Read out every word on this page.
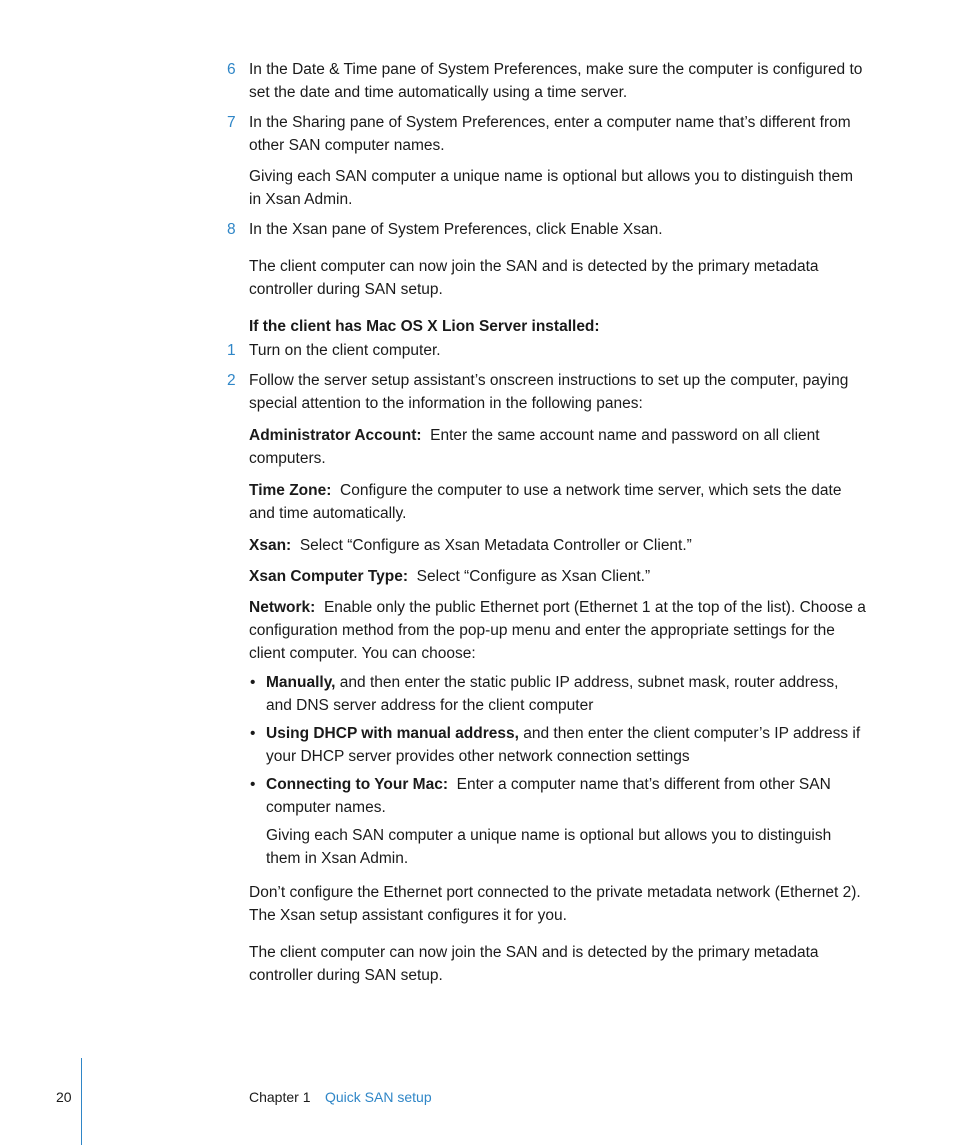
6 In the Date & Time pane of System Preferences, make sure the computer is configured to set the date and time automatically using a time server.
7 In the Sharing pane of System Preferences, enter a computer name that’s different from other SAN computer names.
Giving each SAN computer a unique name is optional but allows you to distinguish them in Xsan Admin.
8 In the Xsan pane of System Preferences, click Enable Xsan.
The client computer can now join the SAN and is detected by the primary metadata controller during SAN setup.
If the client has Mac OS X Lion Server installed:
1 Turn on the client computer.
2 Follow the server setup assistant’s onscreen instructions to set up the computer, paying special attention to the information in the following panes:
Administrator Account: Enter the same account name and password on all client computers.
Time Zone: Configure the computer to use a network time server, which sets the date and time automatically.
Xsan: Select “Configure as Xsan Metadata Controller or Client.”
Xsan Computer Type: Select “Configure as Xsan Client.”
Network: Enable only the public Ethernet port (Ethernet 1 at the top of the list). Choose a configuration method from the pop-up menu and enter the appropriate settings for the client computer. You can choose:
• Manually, and then enter the static public IP address, subnet mask, router address, and DNS server address for the client computer
• Using DHCP with manual address, and then enter the client computer’s IP address if your DHCP server provides other network connection settings
• Connecting to Your Mac: Enter a computer name that’s different from other SAN computer names.
Giving each SAN computer a unique name is optional but allows you to distinguish them in Xsan Admin.
Don’t configure the Ethernet port connected to the private metadata network (Ethernet 2). The Xsan setup assistant configures it for you.
The client computer can now join the SAN and is detected by the primary metadata controller during SAN setup.
20	Chapter 1 Quick SAN setup
